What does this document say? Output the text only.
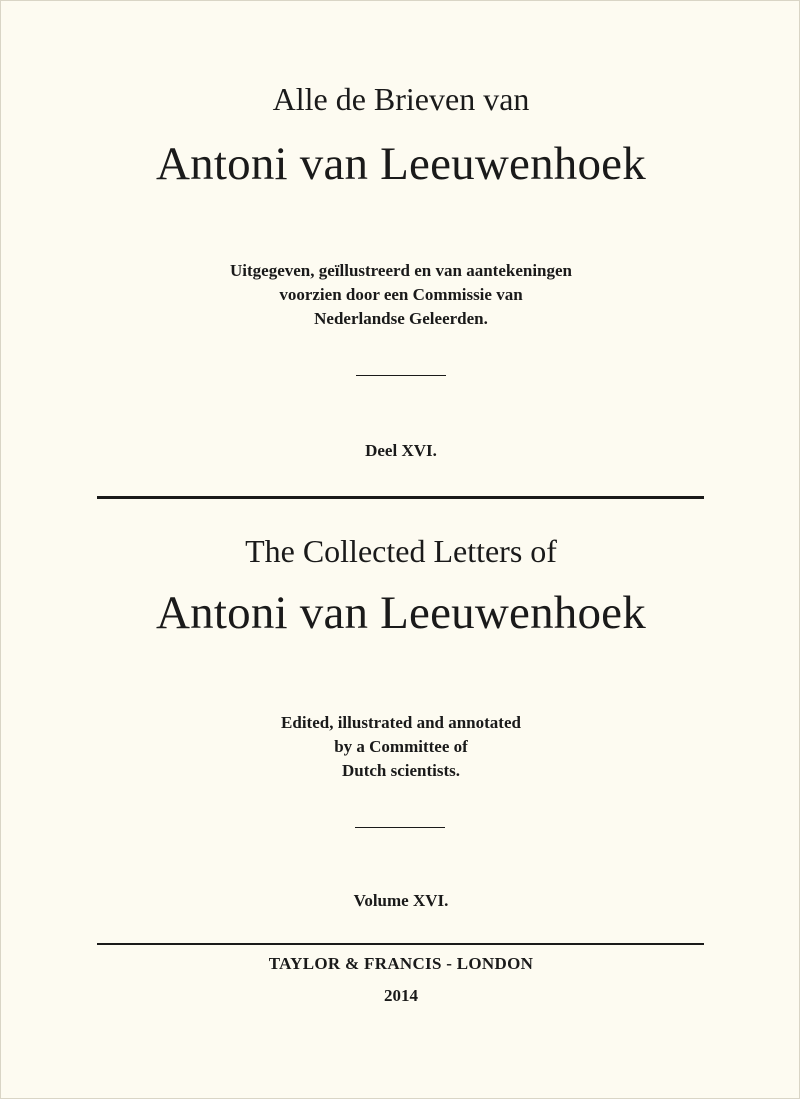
Alle de Brieven van

Antoni van Leeuwenhoek

Uitgegeven, geïllustreerd en van aantekeningen
voorzien door een Commissie van
Nederlandse Geleerden.

Deel XVI.

The Collected Letters of

Antoni van Leeuwenhoek

Edited, illustrated and annotated
by a Committee of
Dutch scientists.

Volume XVI.

TAYLOR & FRANCIS - LONDON

2014
